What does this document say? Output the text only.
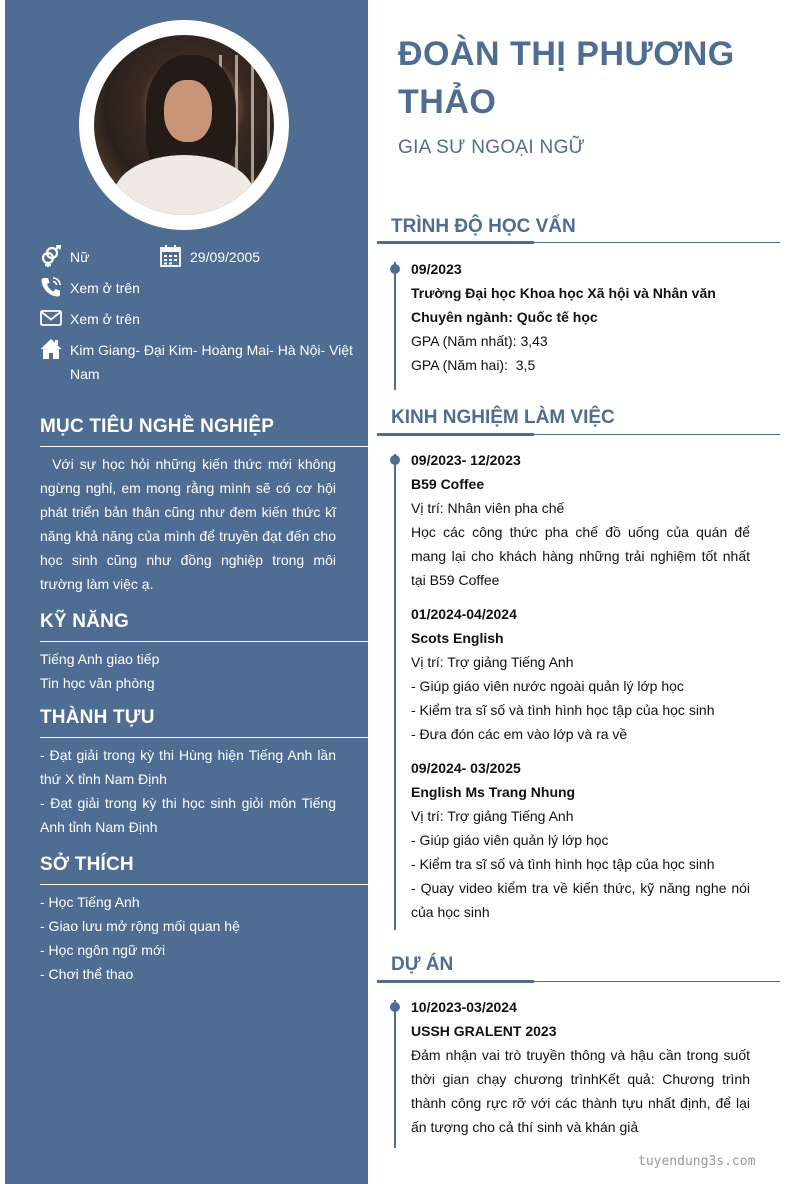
Nữ	29/09/2005
Xem ở trên
Xem ở trên
Kim Giang- Đại Kim- Hoàng Mai- Hà Nội- Việt Nam
MỤC TIÊU NGHỀ NGHIỆP
Với sự học hỏi những kiến thức mới không ngừng nghỉ, em mong rằng mình sẽ có cơ hội phát triển bản thân cũng như đem kiến thức kĩ năng khả năng của mình để truyền đạt đến cho học sinh cũng như đồng nghiệp trong môi trường làm việc ạ.
KỸ NĂNG
Tiếng Anh giao tiếp
Tin học văn phòng
THÀNH TỰU
- Đạt giải trong kỳ thi Hùng hiện Tiếng Anh lần thứ X tỉnh Nam Định
- Đạt giải trong kỳ thi học sinh giỏi môn Tiếng Anh tỉnh Nam Định
SỞ THÍCH
- Học Tiếng Anh
- Giao lưu mở rộng mối quan hệ
- Học ngôn ngữ mới
- Chơi thể thao
ĐOÀN THỊ PHƯƠNG THẢO
GIA SƯ NGOẠI NGỮ
TRÌNH ĐỘ HỌC VẤN
09/2023
Trường Đại học Khoa học Xã hội và Nhân văn Chuyên ngành: Quốc tế học
GPA (Năm nhất): 3,43
GPA (Năm hai):  3,5
KINH NGHIỆM LÀM VIỆC
09/2023- 12/2023
B59 Coffee
Vị trí: Nhân viên pha chế
Học các công thức pha chế đồ uống của quán để mang lại cho khách hàng những trải nghiệm tốt nhất tại B59 Coffee
01/2024-04/2024
Scots English
Vị trí: Trợ giảng Tiếng Anh
- Giúp giáo viên nước ngoài quản lý lớp học
- Kiểm tra sĩ số và tình hình học tập của học sinh
- Đưa đón các em vào lớp và ra về
09/2024- 03/2025
English Ms Trang Nhung
Vị trí: Trợ giảng Tiếng Anh
- Giúp giáo viên quản lý lớp học
- Kiểm tra sĩ số và tình hình học tập của học sinh
- Quay video kiểm tra về kiến thức, kỹ năng nghe nói của học sinh
DỰ ÁN
10/2023-03/2024
USSH GRALENT 2023
Đảm nhận vai trò truyền thông và hậu cần trong suốt thời gian chạy chương trìnhKết quả: Chương trình thành công rực rỡ với các thành tựu nhất định, để lại ấn tượng cho cả thí sinh và khán giả
tuyendung3s.com
